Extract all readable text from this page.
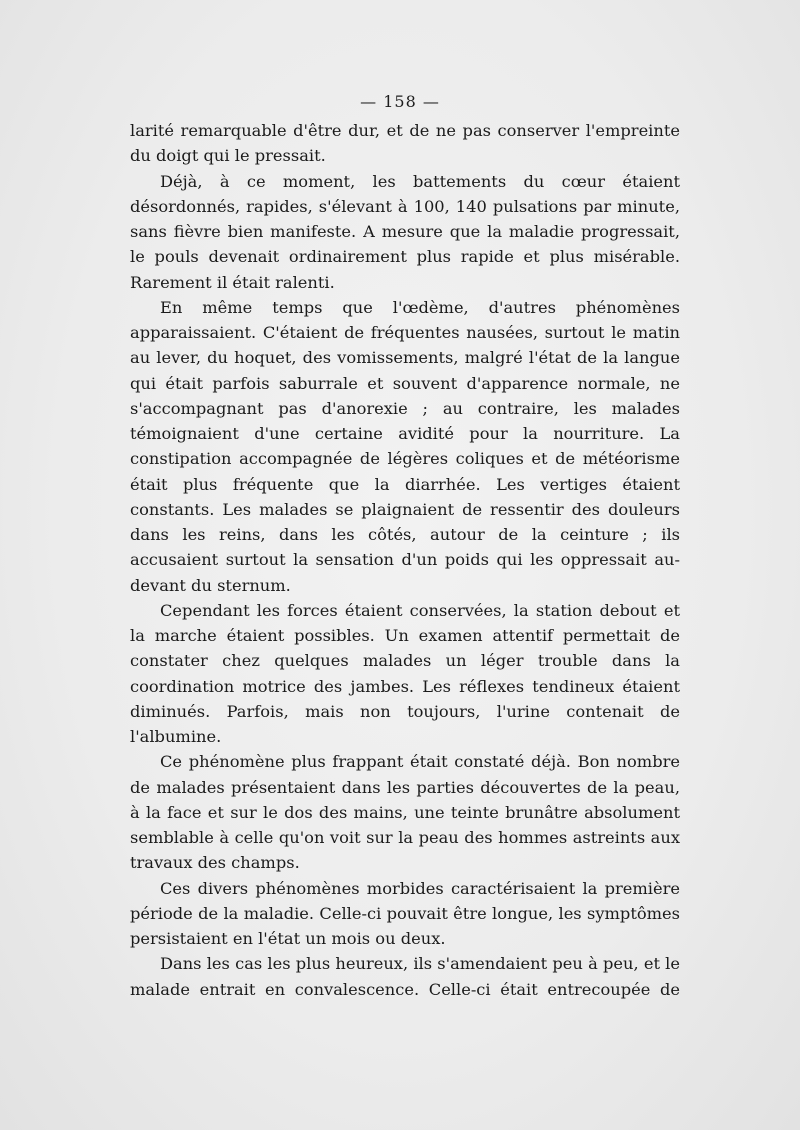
— 158 —

larité remarquable d'être dur, et de ne pas conserver l'empreinte du doigt qui le pressait.

Déjà, à ce moment, les battements du cœur étaient désordonnés, rapides, s'élevant à 100, 140 pulsations par minute, sans fièvre bien manifeste. A mesure que la maladie progressait, le pouls devenait ordinairement plus rapide et plus misérable. Rarement il était ralenti.

En même temps que l'œdème, d'autres phénomènes apparaissaient. C'étaient de fréquentes nausées, surtout le matin au lever, du hoquet, des vomissements, malgré l'état de la langue qui était parfois saburrale et souvent d'apparence normale, ne s'accompagnant pas d'anorexie ; au contraire, les malades témoignaient d'une certaine avidité pour la nourriture. La constipation accompagnée de légères coliques et de météorisme était plus fréquente que la diarrhée. Les vertiges étaient constants. Les malades se plaignaient de ressentir des douleurs dans les reins, dans les côtés, autour de la ceinture ; ils accusaient surtout la sensation d'un poids qui les oppressait au-devant du sternum.

Cependant les forces étaient conservées, la station debout et la marche étaient possibles. Un examen attentif permettait de constater chez quelques malades un léger trouble dans la coordination motrice des jambes. Les réflexes tendineux étaient diminués. Parfois, mais non toujours, l'urine contenait de l'albumine.

Ce phénomène plus frappant était constaté déjà. Bon nombre de malades présentaient dans les parties découvertes de la peau, à la face et sur le dos des mains, une teinte brunâtre absolument semblable à celle qu'on voit sur la peau des hommes astreints aux travaux des champs.

Ces divers phénomènes morbides caractérisaient la première période de la maladie. Celle-ci pouvait être longue, les symptômes persistaient en l'état un mois ou deux.

Dans les cas les plus heureux, ils s'amendaient peu à peu, et le malade entrait en convalescence. Celle-ci était entrecoupée de
